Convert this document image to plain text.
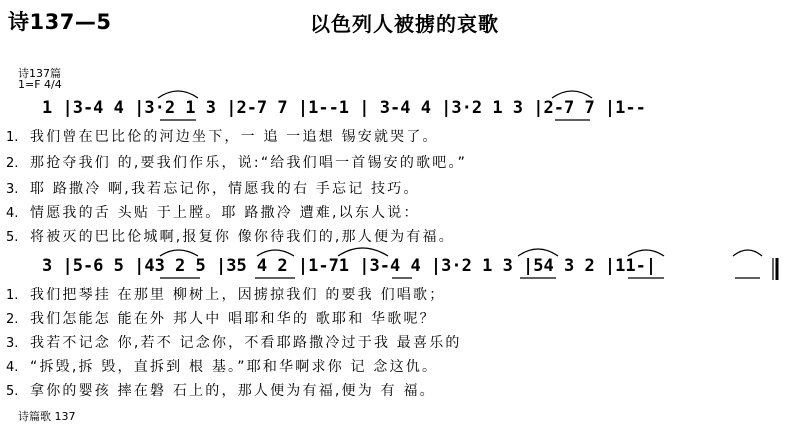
诗137—5	以色列人被掳的哀歌
诗137篇
1=F 4/4
1 |3-4 4 |3·2 1 3 |2-7 7 |1--1 | 3-4 4 |3·2 1 3 |2-7 7 |1--
1. 我们曾在巴比伦的河边坐下，一 追 一追想 锡安就哭了。
2. 那抢夺我们 的,要我们作乐，说:“给我们唱一首锡安的歌吧。”
3. 耶 路撒冷 啊,我若忘记你，情愿我的右 手忘记 技巧。
4. 情愿我的舌 头贴 于上膛。耶 路撒冷 遭难,以东人说：
5. 将被灭的巴比伦城啊,报复你 像你待我们的,那人便为有福。
3 |5-6 5 |43 2 5 |35 4 2 |1-71 |3-4 4 |3·2 1 3 |54 3 2 |11-|
1. 我们把琴挂 在那里 柳树上，因掳掠我们 的要我 们唱歌；
2. 我们怎能怎 能在外 邦人中 唱耶和华的 歌耶和 华歌呢？
3. 我若不记念 你,若不 记念你，不看耶路撒冷过于我 最喜乐的
4. “拆毁,拆 毁，直拆到 根 基。”耶和华啊求你 记 念这仇。
5. 拿你的婴孩 摔在磐 石上的，那人便为有福,便为 有 福。
诗篇歌 137
